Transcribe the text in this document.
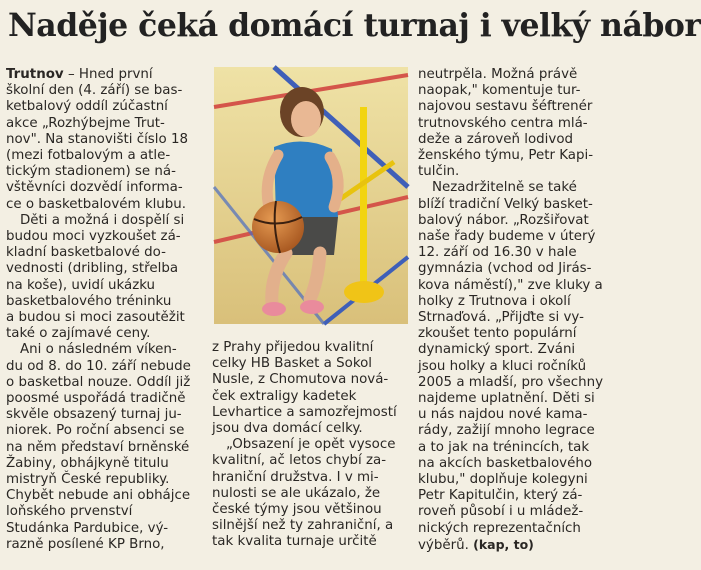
Naděje čeká domácí turnaj i velký nábor
Trutnov – Hned první
školní den (4. září) se bas-
ketbalový oddíl zúčastní
akce „Rozhýbejme Trut-
nov". Na stanovišti číslo 18
(mezi fotbalovým a atle-
tickým stadionem) se ná-
vštěvníci dozvědí informa-
ce o basketbalovém klubu.
Děti a možná i dospělí si
budou moci vyzkoušet zá-
kladní basketbalové do-
vednosti (dribling, střelba
na koše), uvidí ukázku
basketbalového tréninku
a budou si moci zasoutěžit
také o zajímavé ceny.
Ani o následném víken-
du od 8. do 10. září nebude
o basketbal nouze. Oddíl již
poosmé uspořádá tradičně
skvěle obsazený turnaj ju-
niorek. Po roční absenci se
na něm představí brněnské
Žabiny, obhájkyně titulu
mistryň České republiky.
Chybět nebude ani obhájce
loňského prvenství
Studánka Pardubice, vý-
razně posílené KP Brno,
z Prahy přijedou kvalitní
celky HB Basket a Sokol
Nusle, z Chomutova nová-
ček extraligy kadetek
Levhartice a samozřejmostí
jsou dva domácí celky.
„Obsazení je opět vysoce
kvalitní, ač letos chybí za-
hraniční družstva. I v mi-
nulosti se ale ukázalo, že
české týmy jsou většinou
silnější než ty zahraniční, a
tak kvalita turnaje určitě
neutrpěla. Možná právě
naopak," komentuje tur-
najovou sestavu šéftrenér
trutnovského centra mlá-
deže a zároveň lodivod
ženského týmu, Petr Kapi-
tulčin.
Nezadržitelně se také
blíží tradiční Velký basket-
balový nábor. „Rozšiřovat
naše řady budeme v úterý
12. září od 16.30 v hale
gymnázia (vchod od Jirás-
kova náměstí)," zve kluky a
holky z Trutnova i okolí
Strnaďová. „Přijďte si vy-
zkoušet tento populární
dynamický sport. Zváni
jsou holky a kluci ročníků
2005 a mladší, pro všechny
najdeme uplatnění. Děti si
u nás najdou nové kama-
rády, zažijí mnoho legrace
a to jak na trénincích, tak
na akcích basketbalového
klubu," doplňuje kolegyni
Petr Kapitulčin, který zá-
roveň působí i u mládež-
nických reprezentačních
výběrů. (kap, to)
